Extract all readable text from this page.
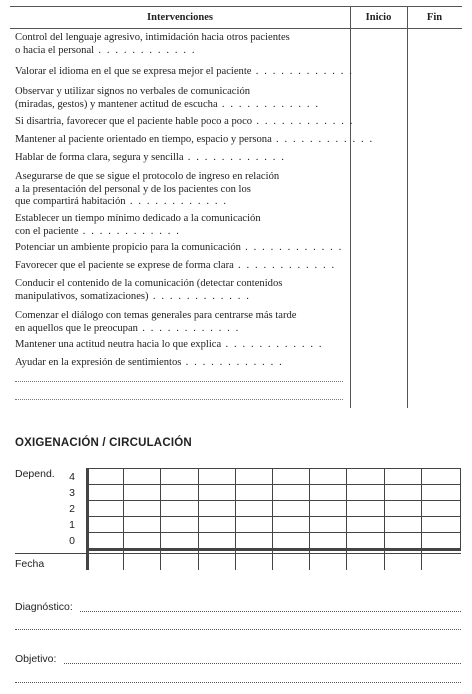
Intervenciones	Inicio	Fin
Control del lenguaje agresivo, intimidación hacia otros pacientes
o hacia el personal . . . . . . . . . . . .
Valorar el idioma en el que se expresa mejor el paciente . . . . . . . . . . . .
Observar y utilizar signos no verbales de comunicación
(miradas, gestos) y mantener actitud de escucha . . . . . . . . . . . .
Si disartria, favorecer que el paciente hable poco a poco . . . . . . . . . . . .
Mantener al paciente orientado en tiempo, espacio y persona . . . . . . . . . . . .
Hablar de forma clara, segura y sencilla . . . . . . . . . . . .
Asegurarse de que se sigue el protocolo de ingreso en relación
a la presentación del personal y de los pacientes con los
que compartirá habitación . . . . . . . . . . . .
Establecer un tiempo mínimo dedicado a la comunicación
con el paciente . . . . . . . . . . . .
Potenciar un ambiente propicio para la comunicación . . . . . . . . . . . .
Favorecer que el paciente se exprese de forma clara . . . . . . . . . . . .
Conducir el contenido de la comunicación (detectar contenidos
manipulativos, somatizaciones) . . . . . . . . . . . .
Comenzar el diálogo con temas generales para centrarse más tarde
en aquellos que le preocupan . . . . . . . . . . . .
Mantener una actitud neutra hacia lo que explica . . . . . . . . . . . .
Ayudar en la expresión de sentimientos . . . . . . . . . . . .
OXIGENACIÓN / CIRCULACIÓN
Depend. 4
3
2
1
0
Fecha
Diagnóstico:
Objetivo:
